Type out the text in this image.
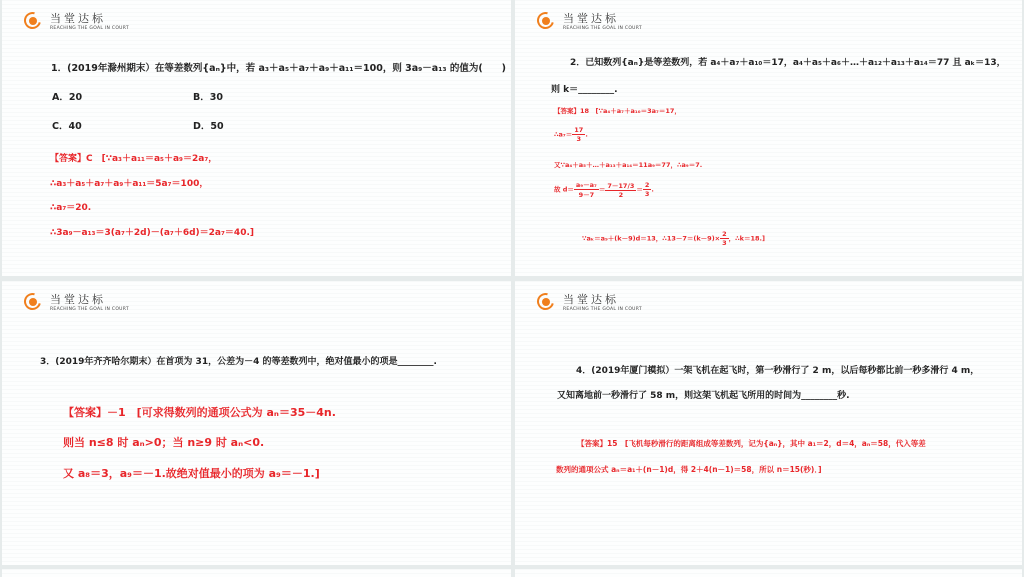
当堂达标
REACHING THE GOAL IN COURT
1．(2019年滁州期末）在等差数列{aₙ}中，若 a₃＋a₅＋a₇＋a₉＋a₁₁＝100，则 3a₉－a₁₃ 的值为(　　)
A．20	B．30
C．40	D．50
【答案】C　[∵a₃＋a₁₁＝a₅＋a₉＝2a₇，
∴a₃＋a₅＋a₇＋a₉＋a₁₁＝5a₇＝100，
∴a₇＝20.
∴3a₉－a₁₃＝3(a₇＋2d)－(a₇＋6d)＝2a₇＝40.]
当堂达标
REACHING THE GOAL IN COURT
2．已知数列{aₙ}是等差数列，若 a₄＋a₇＋a₁₀＝17，a₄＋a₅＋a₆＋…＋a₁₂＋a₁₃＋a₁₄＝77 且 aₖ＝13，
则 k＝________.
【答案】18　[∵a₄＋a₇＋a₁₀＝3a₇＝17，
∴a₇＝ $\frac{17}{3}$ .
又∵a₄＋a₅＋…＋a₁₃＋a₁₄＝11a₉＝77，∴a₉＝7.
故 $d= \frac{\text{a₉－a₇}}{9-7} = \frac{7-17/3}{2} = \frac{2}{3}$ .
∵aₖ＝a₉＋(k－9)d＝13，∴13－7＝(k－9)× $\frac{2}{3}$ ，∴k＝18.]
当堂达标
REACHING THE GOAL IN COURT
3．(2019年齐齐哈尔期末）在首项为 31，公差为－4 的等差数列中，绝对值最小的项是________.
【答案】－1　[可求得数列的通项公式为 aₙ＝35－4n.
则当 n≤8 时 aₙ>0；当 n≥9 时 aₙ<0.
又 a₈＝3，a₉＝－1.故绝对值最小的项为 a₉＝－1.]
当堂达标
REACHING THE GOAL IN COURT
4．(2019年厦门模拟）一架飞机在起飞时，第一秒滑行了 2 m，以后每秒都比前一秒多滑行 4 m，
又知离地前一秒滑行了 58 m，则这架飞机起飞所用的时间为________秒.
【答案】15　[飞机每秒滑行的距离组成等差数列，记为{aₙ}，其中 a₁＝2，d＝4，aₙ＝58，代入等差
数列的通项公式 aₙ＝a₁＋(n－1)d，得 2＋4(n－1)＝58，所以 n＝15(秒)．]
